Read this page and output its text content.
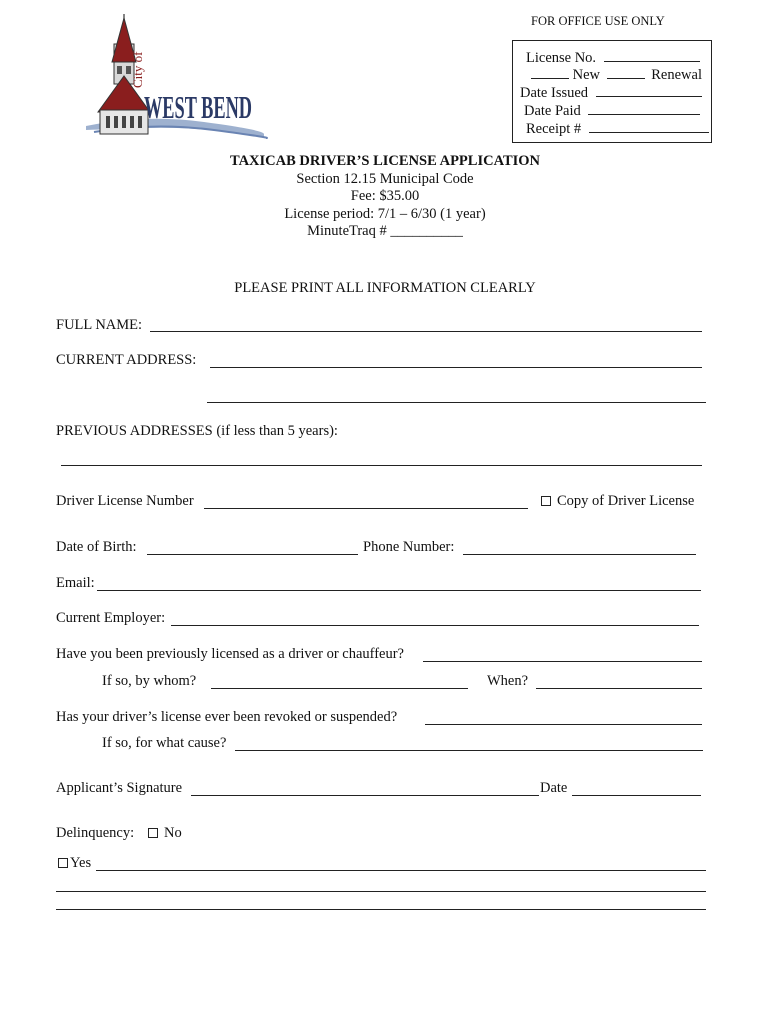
City of
WEST BEND
FOR OFFICE USE ONLY
License No.
New	Renewal
Date Issued
Date Paid
Receipt #
TAXICAB DRIVER’S LICENSE APPLICATION
Section 12.15 Municipal Code
Fee: $35.00
License period: 7/1 – 6/30 (1 year)
MinuteTraq # __________
PLEASE PRINT ALL INFORMATION CLEARLY
FULL NAME:
CURRENT ADDRESS:
PREVIOUS ADDRESSES (if less than 5 years):
Driver License Number	Copy of Driver License
Date of Birth:	Phone Number:
Email:
Current Employer:
Have you been previously licensed as a driver or chauffeur?
If so, by whom?	When?
Has your driver’s license ever been revoked or suspended?
If so, for what cause?
Applicant’s Signature	Date
Delinquency:	No
Yes
